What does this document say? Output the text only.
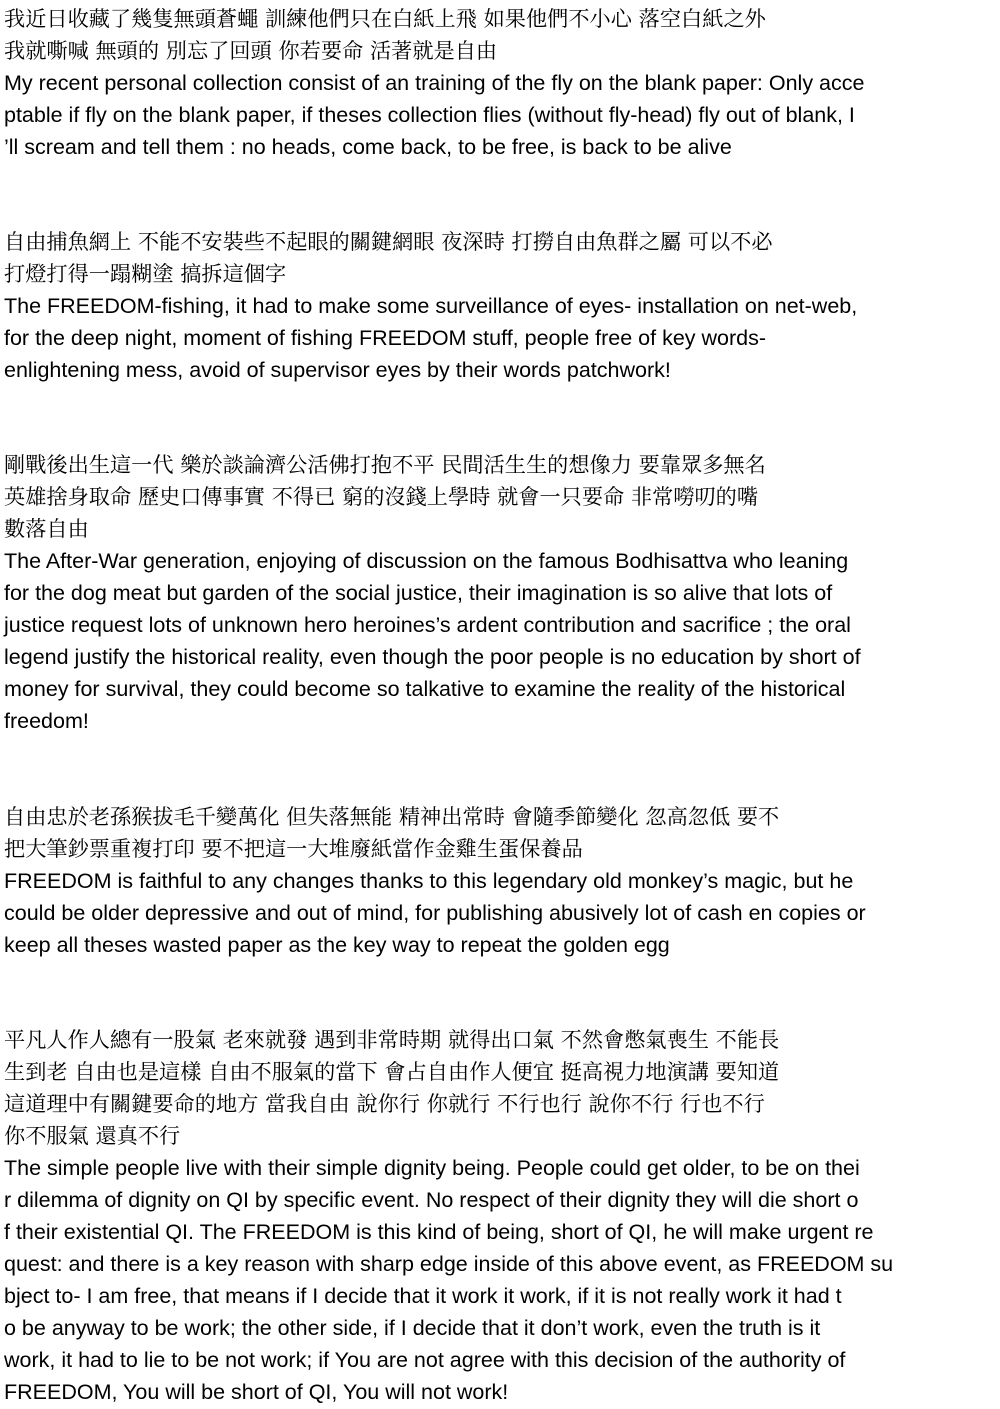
我近日收藏了幾隻無頭蒼蠅 訓練他們只在白紙上飛 如果他們不小心 落空白紙之外
我就嘶喊 無頭的 別忘了回頭 你若要命 活著就是自由

My recent personal collection consist of an training of the fly on the blank paper: Only acce
ptable if fly on the blank paper, if theses collection flies (without fly-head) fly out of blank, I
’ll scream and tell them : no heads, come back, to be free, is back to be alive

自由捕魚網上 不能不安裝些不起眼的關鍵網眼 夜深時 打撈自由魚群之屬 可以不必
打燈打得一蹋糊塗 搞拆這個字

The FREEDOM-fishing, it had to make some surveillance of eyes- installation on net-web,
for the deep night, moment of fishing FREEDOM stuff, people free of key words-
enlightening mess, avoid of supervisor eyes by their words patchwork!

剛戰後出生這一代 樂於談論濟公活佛打抱不平 民間活生生的想像力 要靠眾多無名
英雄捨身取命 歷史口傳事實 不得已 窮的沒錢上學時 就會一只要命 非常嘮叨的嘴
數落自由

The After-War generation, enjoying of discussion on the famous Bodhisattva who leaning
for the dog meat but garden of the social justice, their imagination is so alive that lots of
justice request lots of unknown hero heroines’s ardent contribution and sacrifice ; the oral
legend justify the historical reality, even though the poor people is no education by short of
money for survival, they could become so talkative to examine the reality of the historical
freedom!

自由忠於老孫猴拔毛千變萬化 但失落無能 精神出常時 會隨季節變化 忽高忽低 要不
把大筆鈔票重複打印 要不把這一大堆廢紙當作金雞生蛋保養品

FREEDOM is faithful to any changes thanks to this legendary old monkey’s magic, but he
could be older depressive and out of mind, for publishing abusively lot of cash en copies or
keep all theses wasted paper as the key way to repeat the golden egg

平凡人作人總有一股氣 老來就發 遇到非常時期 就得出口氣 不然會憋氣喪生 不能長
生到老 自由也是這樣 自由不服氣的當下 會占自由作人便宜 挺高視力地演講 要知道
這道理中有關鍵要命的地方 當我自由 說你行 你就行 不行也行 說你不行 行也不行
你不服氣 還真不行

The simple people live with their simple dignity being. People could get older, to be on thei
r dilemma of dignity on QI by specific event. No respect of their dignity they will die short o
f their existential QI. The FREEDOM is this kind of being, short of QI, he will make urgent re
quest: and there is a key reason with sharp edge inside of this above event, as FREEDOM su
bject to- I am free, that means if I decide that it work it work, if it is not really work it had t
o be anyway to be work; the other side, if I decide that it don’t work, even the truth is it
work, it had to lie to be not work; if You are not agree with this decision of the authority of
FREEDOM, You will be short of QI, You will not work!
